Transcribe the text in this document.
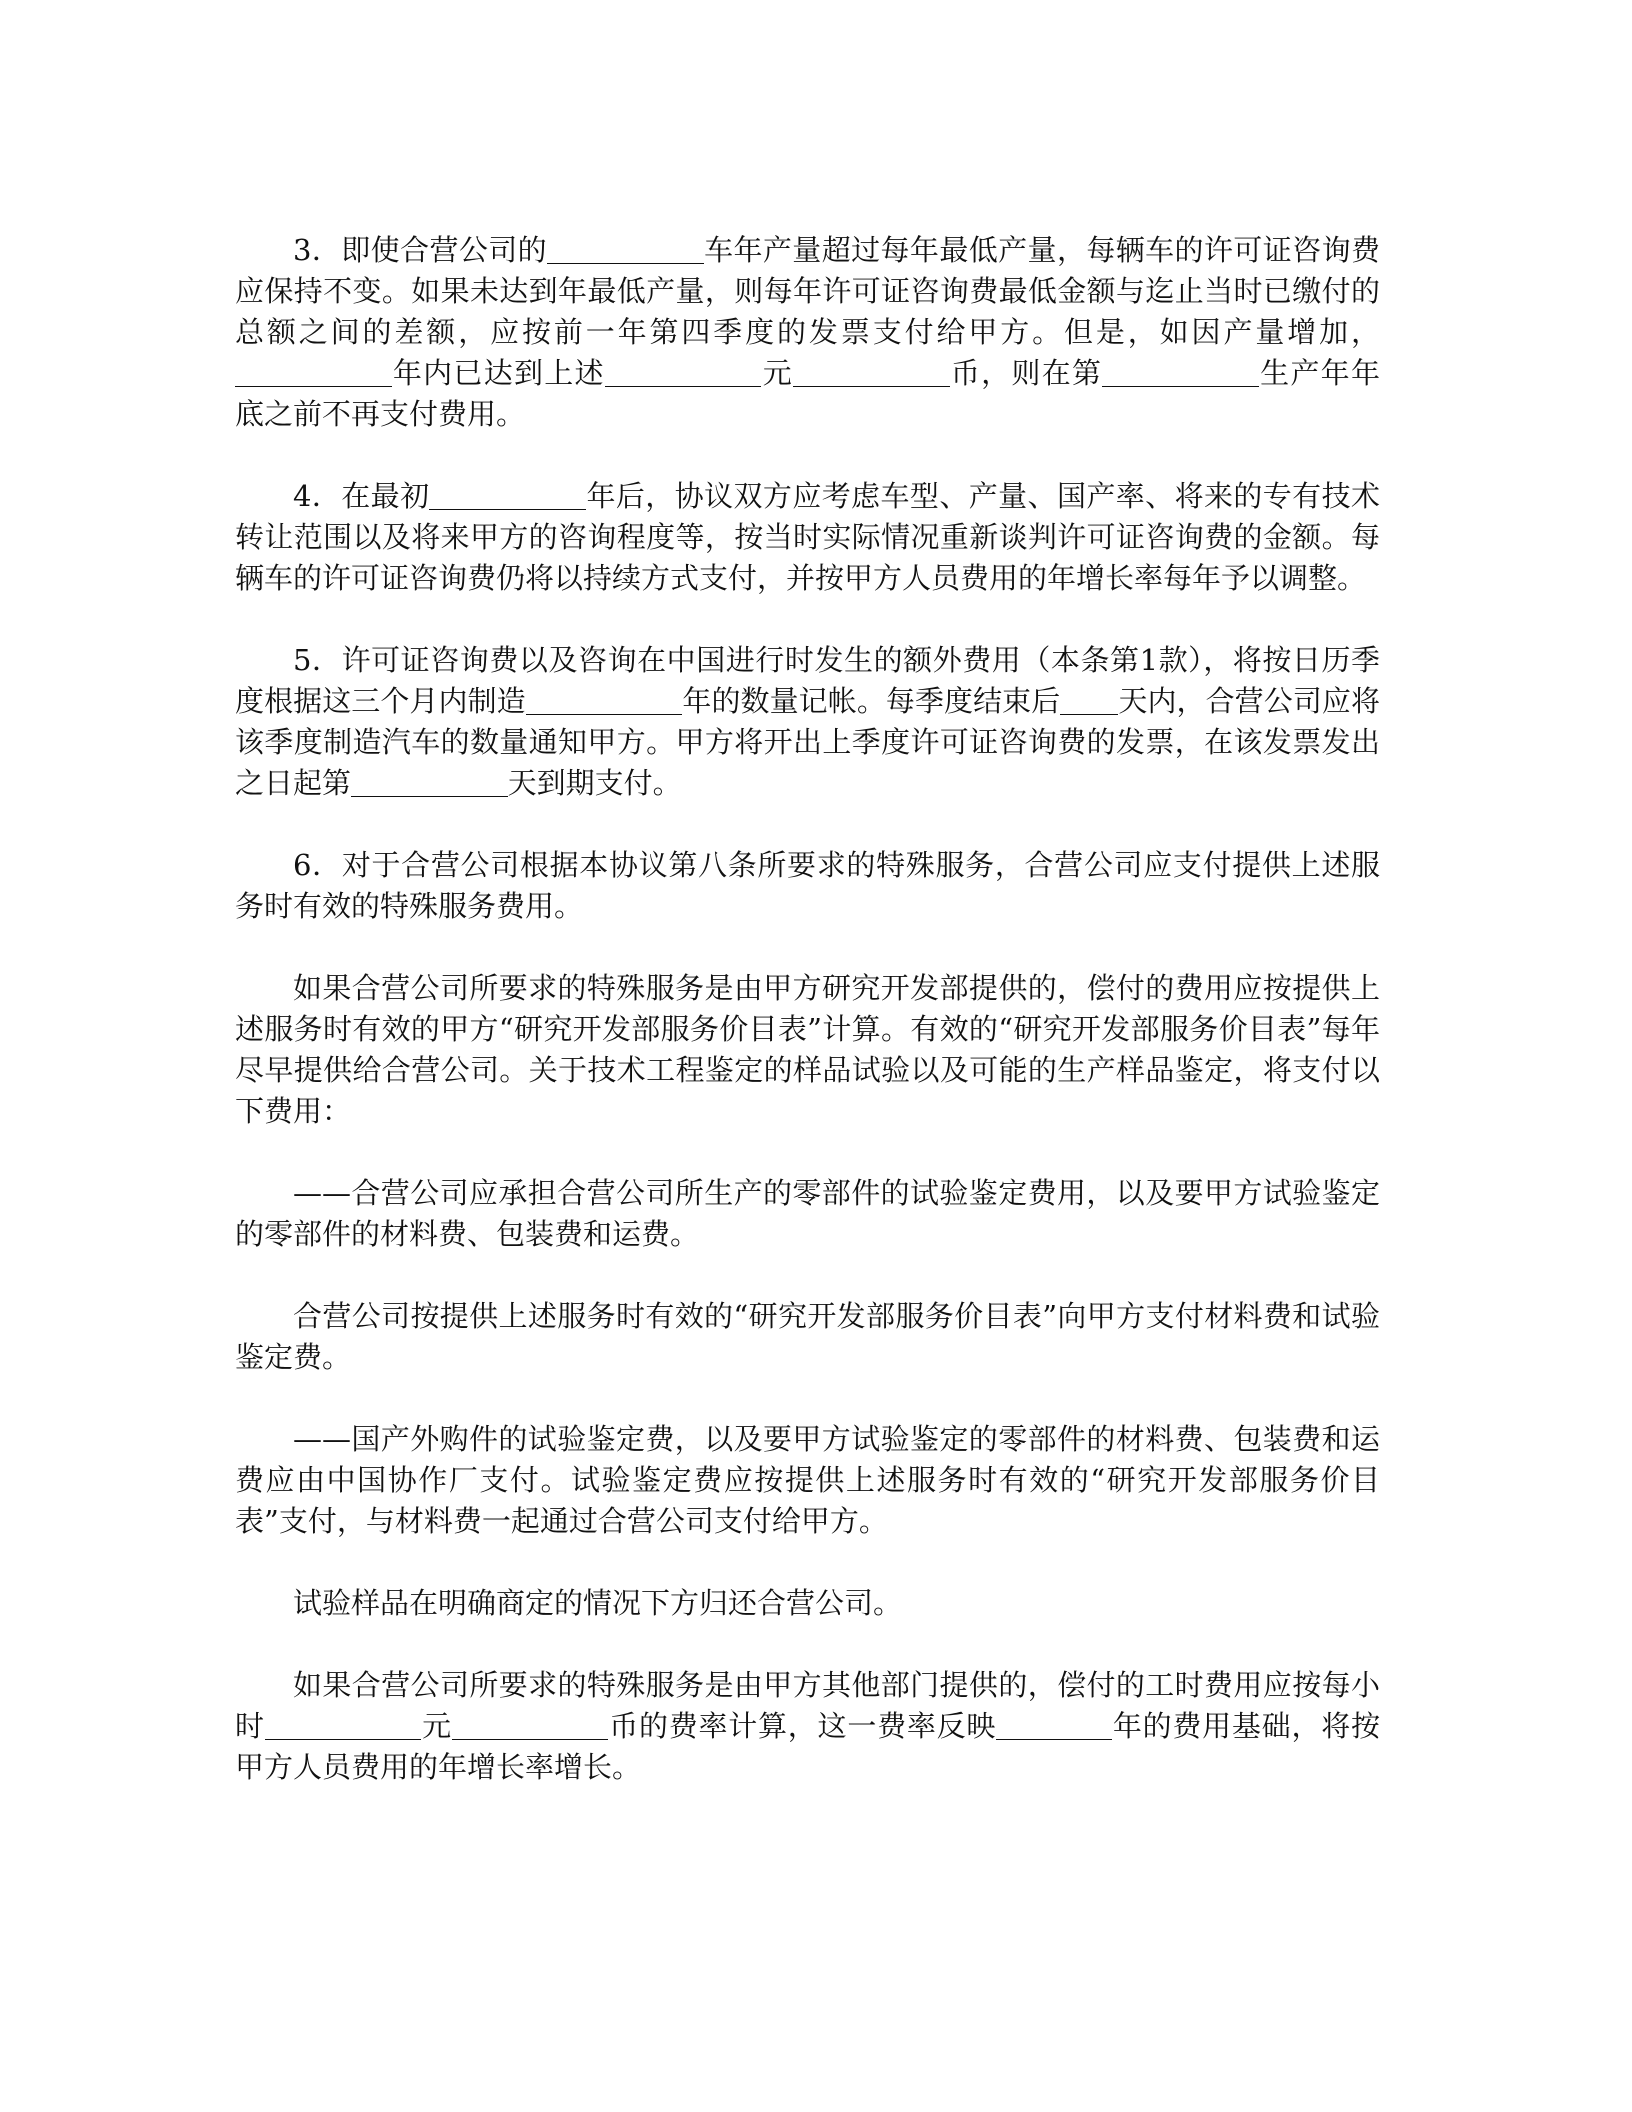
3．即使合营公司的	车年产量超过每年最低产量，每辆车的许可证咨询费应保持不变。如果未达到年最低产量，则每年许可证咨询费最低金额与迄止当时已缴付的总额之间的差额，应按前一年第四季度的发票支付给甲方。但是，如因产量增加，年内已达到上述	元	币，则在第	生产年年底之前不再支付费用。

4．在最初	年后，协议双方应考虑车型、产量、国产率、将来的专有技术转让范围以及将来甲方的咨询程度等，按当时实际情况重新谈判许可证咨询费的金额。每辆车的许可证咨询费仍将以持续方式支付，并按甲方人员费用的年增长率每年予以调整。

5．许可证咨询费以及咨询在中国进行时发生的额外费用（本条第1款），将按日历季度根据这三个月内制造	年的数量记帐。每季度结束后 天内，合营公司应将该季度制造汽车的数量通知甲方。甲方将开出上季度许可证咨询费的发票，在该发票发出之日起第	天到期支付。

6．对于合营公司根据本协议第八条所要求的特殊服务，合营公司应支付提供上述服务时有效的特殊服务费用。

如果合营公司所要求的特殊服务是由甲方研究开发部提供的，偿付的费用应按提供上述服务时有效的甲方“研究开发部服务价目表”计算。有效的“研究开发部服务价目表”每年尽早提供给合营公司。关于技术工程鉴定的样品试验以及可能的生产样品鉴定，将支付以下费用：

——合营公司应承担合营公司所生产的零部件的试验鉴定费用，以及要甲方试验鉴定的零部件的材料费、包装费和运费。

合营公司按提供上述服务时有效的“研究开发部服务价目表”向甲方支付材料费和试验鉴定费。

——国产外购件的试验鉴定费，以及要甲方试验鉴定的零部件的材料费、包装费和运费应由中国协作厂支付。试验鉴定费应按提供上述服务时有效的“研究开发部服务价目表”支付，与材料费一起通过合营公司支付给甲方。

试验样品在明确商定的情况下方归还合营公司。

如果合营公司所要求的特殊服务是由甲方其他部门提供的，偿付的工时费用应按每小时	元	币的费率计算，这一费率反映	年的费用基础，将按甲方人员费用的年增长率增长。
